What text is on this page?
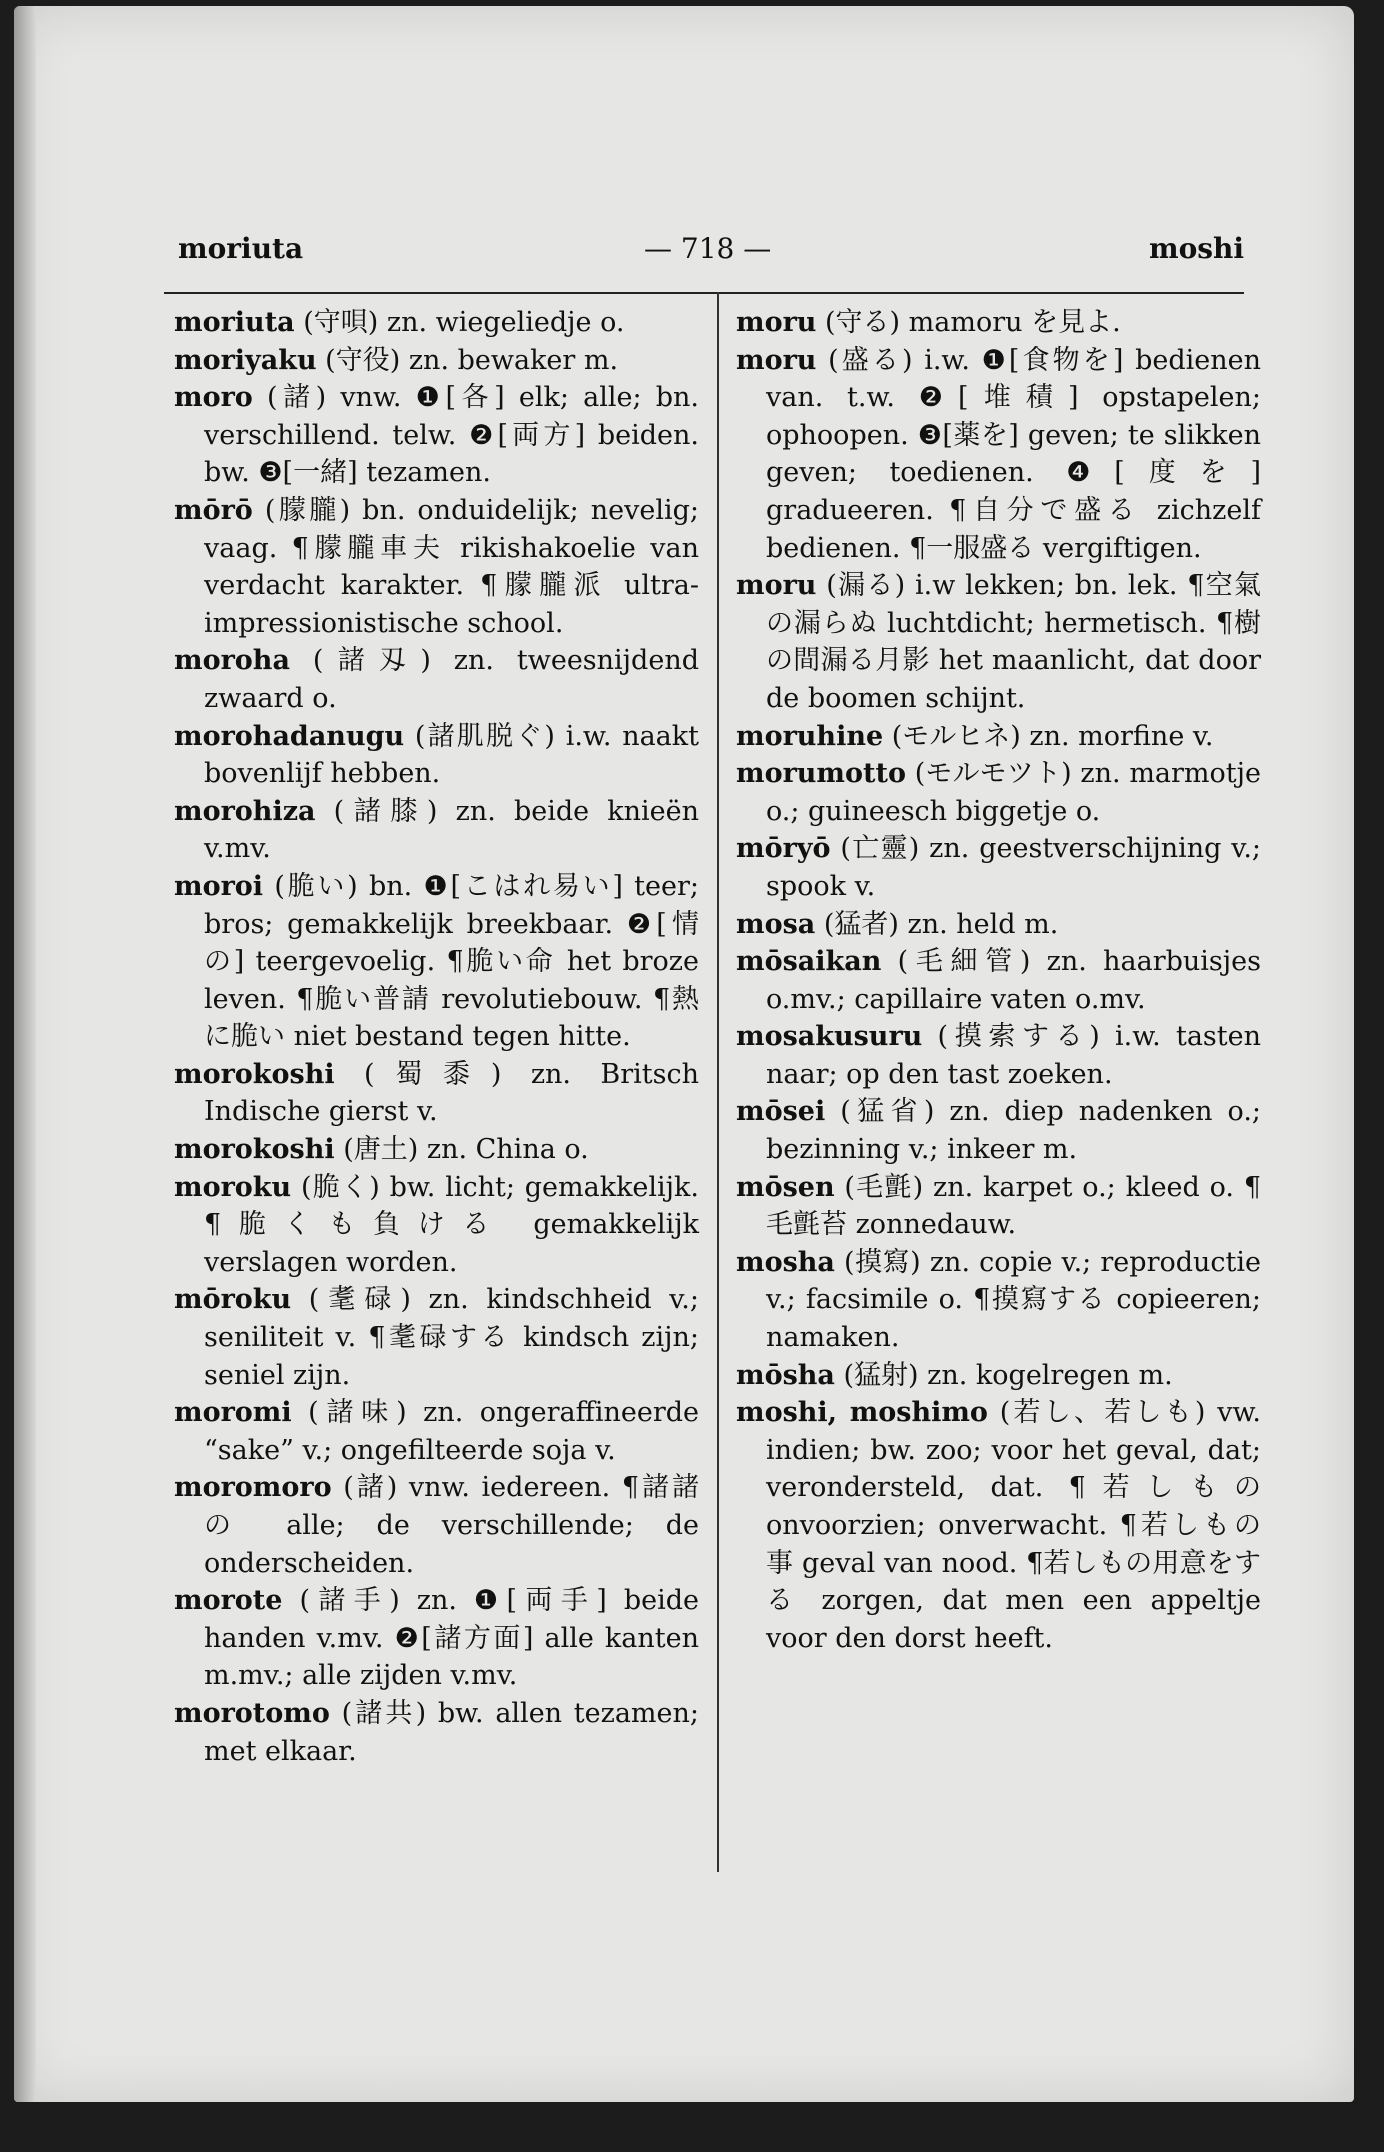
moriuta	— 718 —	moshi

moriuta (守唄) zn. wiegeliedje o.

moriyaku (守役) zn. bewaker m.

moro (諸) vnw. ❶[各] elk; alle; bn. verschillend. telw. ❷[両方] beiden. bw. ❸[一緒] tezamen.

mōrō (朦朧) bn. onduidelijk; nevelig; vaag. ¶朦朧車夫 rikishakoelie van verdacht karakter. ¶朦朧派 ultra-impressionistische school.

moroha (諸刄) zn. tweesnijdend zwaard o.

morohadanugu (諸肌脱ぐ) i.w. naakt bovenlijf hebben.

morohiza (諸膝) zn. beide knieën v.mv.

moroi (脆い) bn. ❶[こはれ易い] teer; bros; gemakkelijk breekbaar. ❷[情の] teergevoelig. ¶脆い命 het broze leven. ¶脆い普請 revolutiebouw. ¶熱に脆い niet bestand tegen hitte.

morokoshi (蜀黍) zn. Britsch Indische gierst v.

morokoshi (唐土) zn. China o.

moroku (脆く) bw. licht; gemakkelijk. ¶脆くも負ける gemakkelijk verslagen worden.

mōroku (耄碌) zn. kindschheid v.; seniliteit v. ¶耄碌する kindsch zijn; seniel zijn.

moromi (諸味) zn. ongeraffineerde “sake” v.; ongefilteerde soja v.

moromoro (諸) vnw. iedereen. ¶諸諸の alle; de verschillende; de onderscheiden.

morote (諸手) zn. ❶[両手] beide handen v.mv. ❷[諸方面] alle kanten m.mv.; alle zijden v.mv.

morotomo (諸共) bw. allen tezamen; met elkaar.

moru (守る) mamoru を見よ.

moru (盛る) i.w. ❶[食物を] bedienen van. t.w. ❷[堆積] opstapelen; ophoopen. ❸[薬を] geven; te slikken geven; toedienen. ❹[度を] gradueeren. ¶自分で盛る zichzelf bedienen. ¶一服盛る vergiftigen.

moru (漏る) i.w lekken; bn. lek. ¶空氣の漏らぬ luchtdicht; hermetisch. ¶樹の間漏る月影 het maanlicht, dat door de boomen schijnt.

moruhine (モルヒネ) zn. morfine v.

morumotto (モルモツト) zn. marmotje o.; guineesch biggetje o.

mōryō (亡靈) zn. geestverschijning v.; spook v.

mosa (猛者) zn. held m.

mōsaikan (毛細管) zn. haarbuisjes o.mv.; capillaire vaten o.mv.

mosakusuru (摸索する) i.w. tasten naar; op den tast zoeken.

mōsei (猛省) zn. diep nadenken o.; bezinning v.; inkeer m.

mōsen (毛氈) zn. karpet o.; kleed o. ¶毛氈苔 zonnedauw.

mosha (摸寫) zn. copie v.; reproductie v.; facsimile o. ¶摸寫する copieeren; namaken.

mōsha (猛射) zn. kogelregen m.

moshi, moshimo (若し、若しも) vw. indien; bw. zoo; voor het geval, dat; verondersteld, dat. ¶若しもの onvoorzien; onverwacht. ¶若しもの事 geval van nood. ¶若しもの用意をする zorgen, dat men een appeltje voor den dorst heeft.
